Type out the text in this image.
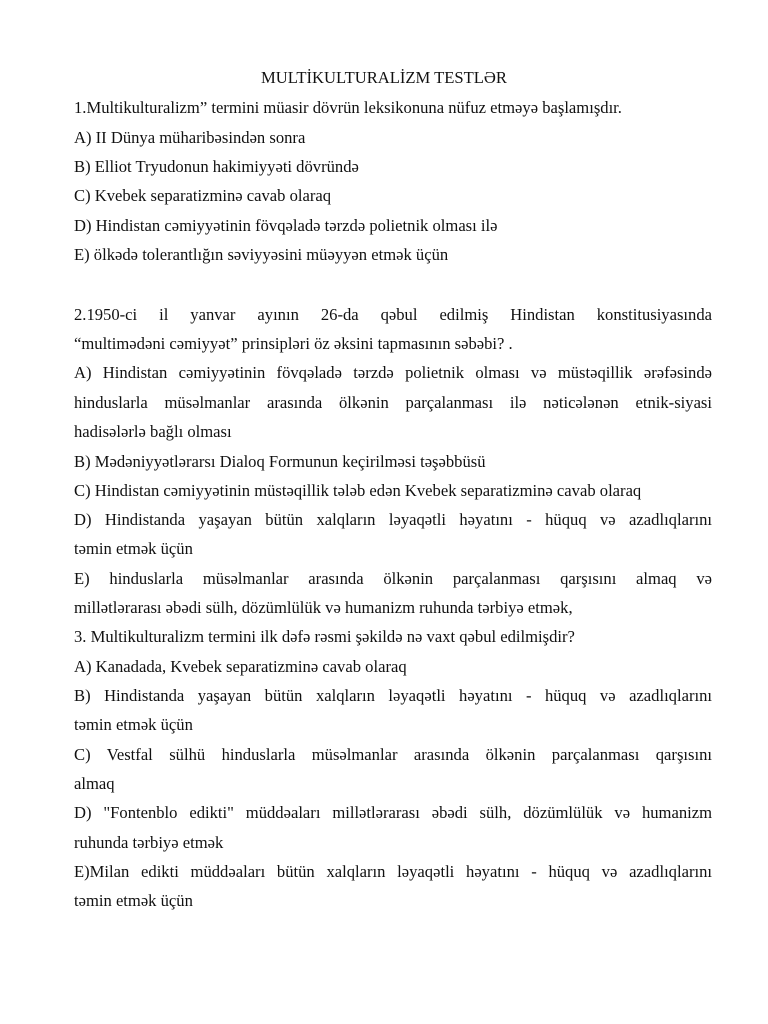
MULTİKULTURALİZM TESTLƏR
1.Multikulturalizm” termini müasir dövrün leksikonuna nüfuz etməyə başlamışdır.
A) II Dünya müharibəsindən sonra
B) Elliot Tryudonun hakimiyyəti dövründə
C) Kvebek separatizminə cavab olaraq
D) Hindistan cəmiyyətinin fövqəladə tərzdə polietnik olması ilə
E) ölkədə tolerantlığın səviyyəsini müəyyən etmək üçün
2.1950-ci il yanvar ayının 26-da qəbul edilmiş Hindistan konstitusiyasında
“multimədəni cəmiyyət” prinsipləri öz əksini tapmasının səbəbi? .
A) Hindistan cəmiyyətinin fövqəladə tərzdə polietnik olması və müstəqillik ərəfəsində
hinduslarla müsəlmanlar arasında ölkənin parçalanması ilə nəticələnən etnik-siyasi
hadisələrlə bağlı olması
B) Mədəniyyətlərarsı Dialoq Formunun keçirilməsi təşəbbüsü
C) Hindistan cəmiyyətinin müstəqillik tələb edən Kvebek separatizminə cavab olaraq
D) Hindistanda yaşayan bütün xalqların ləyaqətli həyatını - hüquq və azadlıqlarını
təmin etmək üçün
E) hinduslarla müsəlmanlar arasında ölkənin parçalanması qarşısını almaq və
millətlərarası əbədi sülh, dözümlülük və humanizm ruhunda tərbiyə etmək,
3. Multikulturalizm termini ilk dəfə rəsmi şəkildə nə vaxt qəbul edilmişdir?
A) Kanadada, Kvebek separatizminə cavab olaraq
B) Hindistanda yaşayan bütün xalqların ləyaqətli həyatını - hüquq və azadlıqlarını
təmin etmək üçün
C) Vestfal sülhü hinduslarla müsəlmanlar arasında ölkənin parçalanması qarşısını
almaq
D) "Fontenblo edikti" müddəaları millətlərarası əbədi sülh, dözümlülük və humanizm
ruhunda tərbiyə etmək
E)Milan edikti müddəaları bütün xalqların ləyaqətli həyatını - hüquq və azadlıqlarını
təmin etmək üçün
